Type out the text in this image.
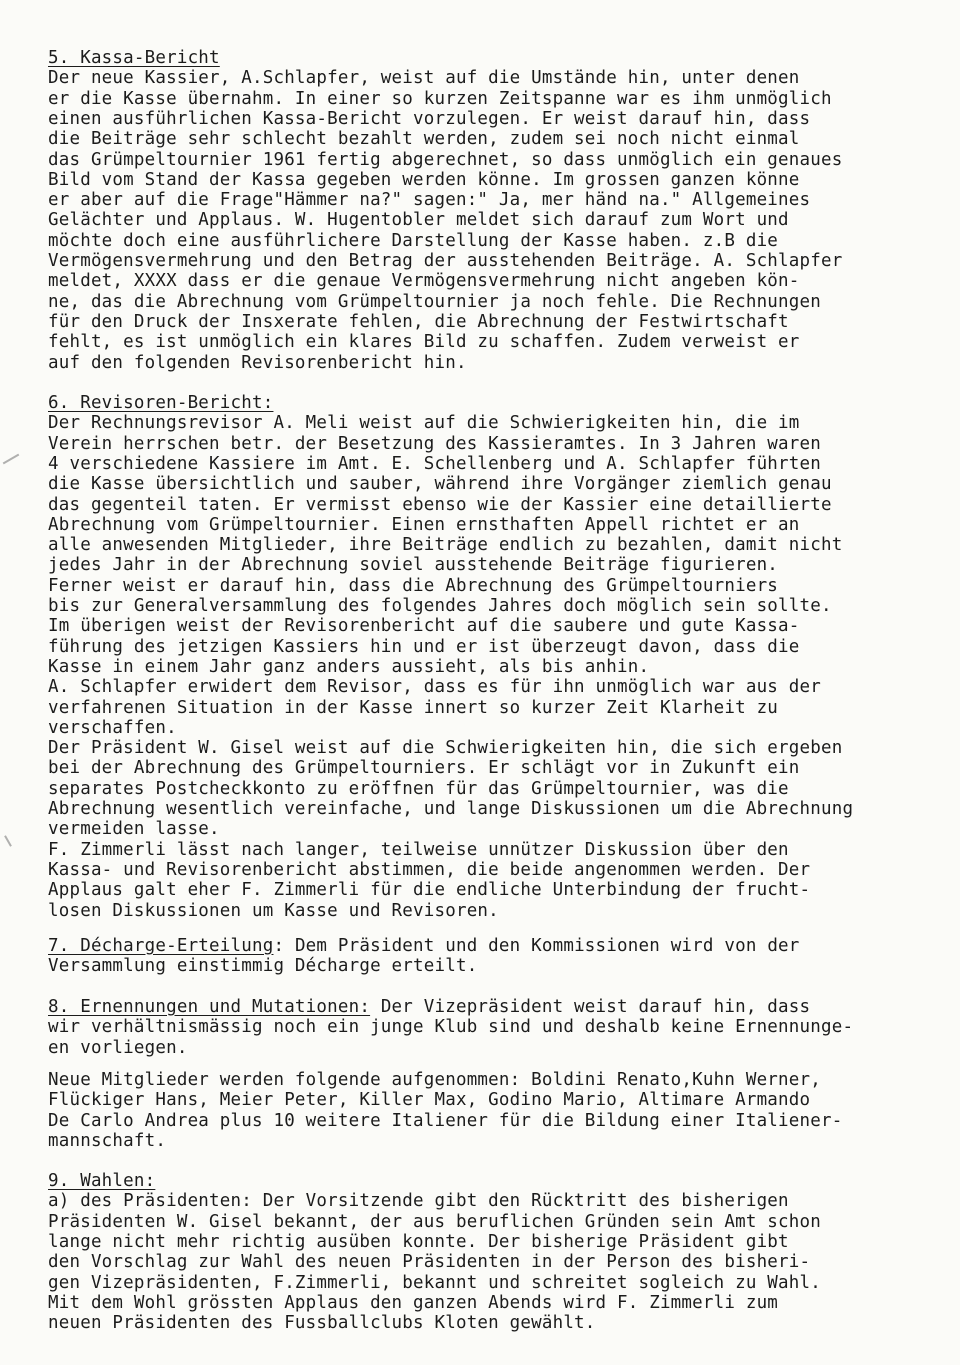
5. Kassa-Bericht
Der neue Kassier, A.Schlapfer, weist auf die Umstände hin, unter denen
er die Kasse übernahm. In einer so kurzen Zeitspanne war es ihm unmöglich
einen ausführlichen Kassa-Bericht vorzulegen. Er weist darauf hin, dass
die Beiträge sehr schlecht bezahlt werden, zudem sei noch nicht einmal
das Grümpeltournier 1961 fertig abgerechnet, so dass unmöglich ein genaues
Bild vom Stand der Kassa gegeben werden könne. Im grossen ganzen könne
er aber auf die Frage"Hämmer na?" sagen:" Ja, mer händ na." Allgemeines
Gelächter und Applaus. W. Hugentobler meldet sich darauf zum Wort und
möchte doch eine ausführlichere Darstellung der Kasse haben. z.B die
Vermögensvermehrung und den Betrag der ausstehenden Beiträge. A. Schlapfer
meldet, XXXX dass er die genaue Vermögensvermehrung nicht angeben kön-
ne, das die Abrechnung vom Grümpeltournier ja noch fehle. Die Rechnungen
für den Druck der Insxerate fehlen, die Abrechnung der Festwirtschaft
fehlt, es ist unmöglich ein klares Bild zu schaffen. Zudem verweist er
auf den folgenden Revisorenbericht hin.
6. Revisoren-Bericht:
Der Rechnungsrevisor A. Meli weist auf die Schwierigkeiten hin, die im
Verein herrschen betr. der Besetzung des Kassieramtes. In 3 Jahren waren
4 verschiedene Kassiere im Amt. E. Schellenberg und A. Schlapfer führten
die Kasse übersichtlich und sauber, während ihre Vorgänger ziemlich genau
das gegenteil taten. Er vermisst ebenso wie der Kassier eine detaillierte
Abrechnung vom Grümpeltournier. Einen ernsthaften Appell richtet er an
alle anwesenden Mitglieder, ihre Beiträge endlich zu bezahlen, damit nicht
jedes Jahr in der Abrechnung soviel ausstehende Beiträge figurieren.
Ferner weist er darauf hin, dass die Abrechnung des Grümpeltourniers
bis zur Generalversammlung des folgendes Jahres doch möglich sein sollte.
Im überigen weist der Revisorenbericht auf die saubere und gute Kassa-
führung des jetzigen Kassiers hin und er ist überzeugt davon, dass die
Kasse in einem Jahr ganz anders aussieht, als bis anhin.
A. Schlapfer erwidert dem Revisor, dass es für ihn unmöglich war aus der
verfahrenen Situation in der Kasse innert so kurzer Zeit Klarheit zu
verschaffen.
Der Präsident W. Gisel weist auf die Schwierigkeiten hin, die sich ergeben
bei der Abrechnung des Grümpeltourniers. Er schlägt vor in Zukunft ein
separates Postcheckkonto zu eröffnen für das Grümpeltournier, was die
Abrechnung wesentlich vereinfache, und lange Diskussionen um die Abrechnung
vermeiden lasse.
F. Zimmerli lässt nach langer, teilweise unnützer Diskussion über den
Kassa- und Revisorenbericht abstimmen, die beide angenommen werden. Der
Applaus galt eher F. Zimmerli für die endliche Unterbindung der frucht-
losen Diskussionen um Kasse und Revisoren.
7. Décharge-Erteilung: Dem Präsident und den Kommissionen wird von der
Versammlung einstimmig Décharge erteilt.
8. Ernennungen und Mutationen: Der Vizepräsident weist darauf hin, dass
wir verhältnismässig noch ein junge Klub sind und deshalb keine Ernennunge-
en vorliegen.
Neue Mitglieder werden folgende aufgenommen: Boldini Renato,Kuhn Werner,
Flückiger Hans, Meier Peter, Killer Max, Godino Mario, Altimare Armando
De Carlo Andrea plus 10 weitere Italiener für die Bildung einer Italiener-
mannschaft.
9. Wahlen:
a) des Präsidenten: Der Vorsitzende gibt den Rücktritt des bisherigen
Präsidenten W. Gisel bekannt, der aus beruflichen Gründen sein Amt schon
lange nicht mehr richtig ausüben konnte. Der bisherige Präsident gibt
den Vorschlag zur Wahl des neuen Präsidenten in der Person des bisheri-
gen Vizepräsidenten, F.Zimmerli, bekannt und schreitet sogleich zu Wahl.
Mit dem Wohl grössten Applaus den ganzen Abends wird F. Zimmerli zum
neuen Präsidenten des Fussballclubs Kloten gewählt.
